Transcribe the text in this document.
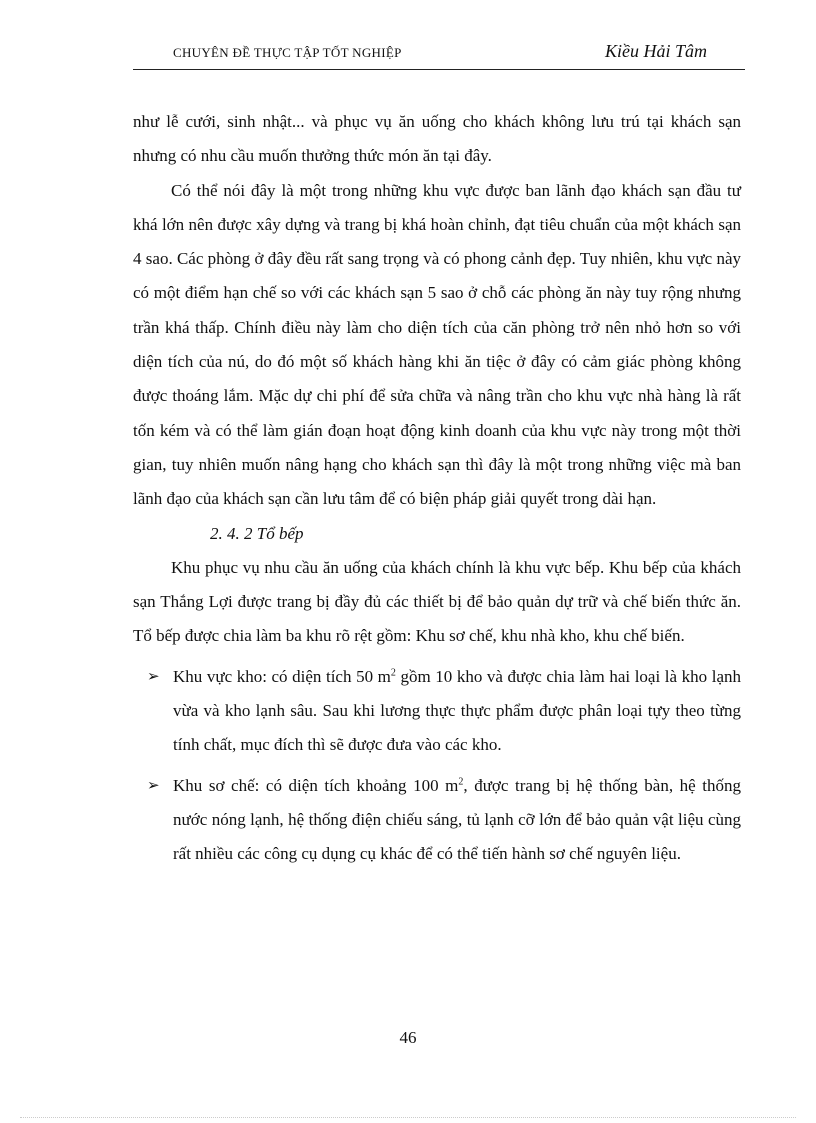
CHUYÊN ĐỀ THỰC TẬP TỐT NGHIỆP	Kiều Hải Tâm

như lễ cưới, sinh nhật... và phục vụ ăn uống cho khách không lưu trú tại khách sạn nhưng có nhu cầu muốn thưởng thức món ăn tại đây.

Có thể nói đây là một trong những khu vực được ban lãnh đạo khách sạn đầu tư khá lớn nên được xây dựng và trang bị khá hoàn chỉnh, đạt tiêu chuẩn của một khách sạn 4 sao. Các phòng ở đây đều rất sang trọng và có phong cảnh đẹp. Tuy nhiên, khu vực này có một điểm hạn chế so với các khách sạn 5 sao ở chỗ các phòng ăn này tuy rộng nhưng trần khá thấp. Chính điều này làm cho diện tích của căn phòng trở nên nhỏ hơn so với diện tích của nú, do đó một số khách hàng khi ăn tiệc ở đây có cảm giác phòng không được thoáng lắm. Mặc dự chi phí để sửa chữa và nâng trần cho khu vực nhà hàng là rất tốn kém và có thể làm gián đoạn hoạt động kinh doanh của khu vực này trong một thời gian, tuy nhiên muốn nâng hạng cho khách sạn thì đây là một trong những việc mà ban lãnh đạo của khách sạn cần lưu tâm để có biện pháp giải quyết trong dài hạn.

2. 4. 2 Tổ bếp

Khu phục vụ nhu cầu ăn uống của khách chính là khu vực bếp. Khu bếp của khách sạn Thắng Lợi được trang bị đầy đủ các thiết bị để bảo quản dự trữ và chế biến thức ăn. Tổ bếp được chia làm ba khu rõ rệt gồm: Khu sơ chế, khu nhà kho, khu chế biến.

➢ Khu vực kho: có diện tích 50 $m^2$ gồm 10 kho và được chia làm hai loại là kho lạnh vừa và kho lạnh sâu. Sau khi lương thực thực phẩm được phân loại tựy theo từng tính chất, mục đích thì sẽ được đưa vào các kho.
➢ Khu sơ chế: có diện tích khoảng 100 $m^2$, được trang bị hệ thống bàn, hệ thống nước nóng lạnh, hệ thống điện chiếu sáng, tủ lạnh cỡ lớn để bảo quản vật liệu cùng rất nhiều các công cụ dụng cụ khác để có thể tiến hành sơ chế nguyên liệu.
46
